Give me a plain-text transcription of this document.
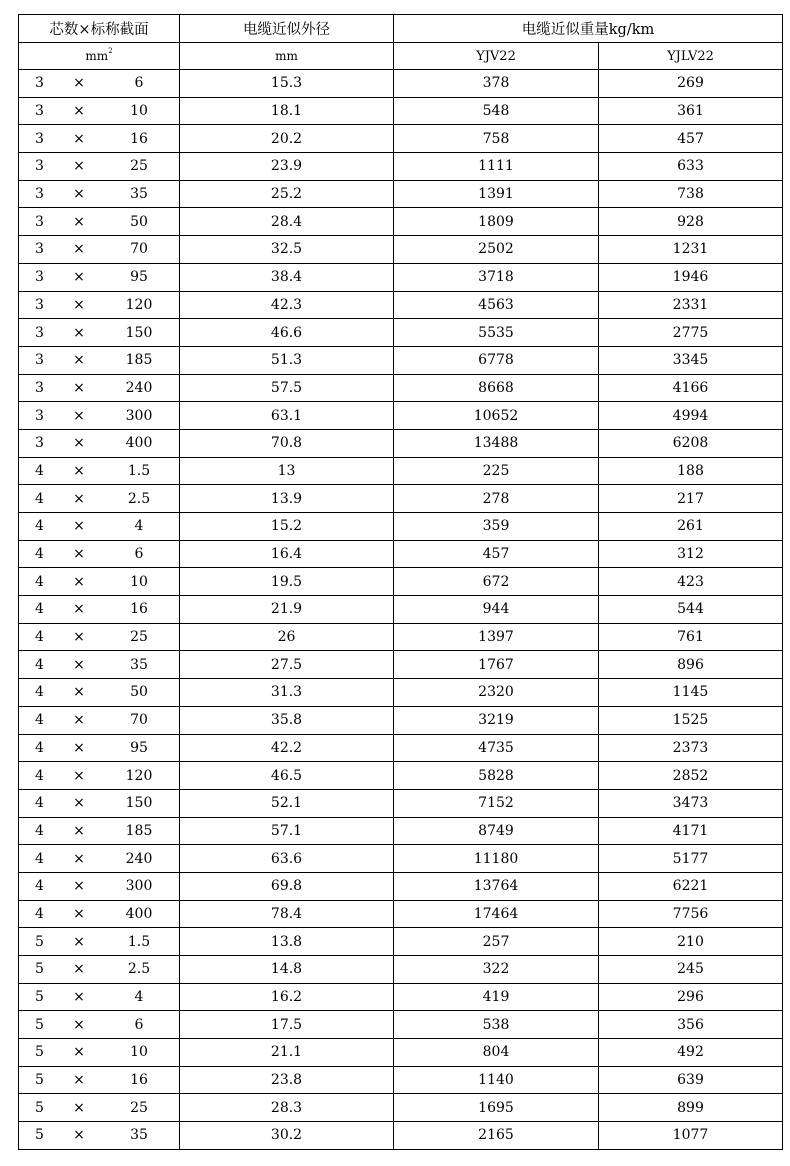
芯数×标称截面	电缆近似外径	电缆近似重量kg/km	
$mm^2$	mm	YJV22	YJLV22

3 × 6	15.3	378	269

3 × 10	18.1	548	361

3 × 16	20.2	758	457

3 × 25	23.9	1111	633

3 × 35	25.2	1391	738

3 × 50	28.4	1809	928

3 × 70	32.5	2502	1231

3 × 95	38.4	3718	1946

3 × 120	42.3	4563	2331

3 × 150	46.6	5535	2775

3 × 185	51.3	6778	3345

3 × 240	57.5	8668	4166

3 × 300	63.1	10652	4994

3 × 400	70.8	13488	6208

4 × 1.5	13	225	188

4 × 2.5	13.9	278	217

4 × 4	15.2	359	261

4 × 6	16.4	457	312

4 × 10	19.5	672	423

4 × 16	21.9	944	544

4 × 25	26	1397	761

4 × 35	27.5	1767	896

4 × 50	31.3	2320	1145

4 × 70	35.8	3219	1525

4 × 95	42.2	4735	2373

4 × 120	46.5	5828	2852

4 × 150	52.1	7152	3473

4 × 185	57.1	8749	4171

4 × 240	63.6	11180	5177

4 × 300	69.8	13764	6221

4 × 400	78.4	17464	7756

5 × 1.5	13.8	257	210

5 × 2.5	14.8	322	245

5 × 4	16.2	419	296

5 × 6	17.5	538	356

5 × 10	21.1	804	492

5 × 16	23.8	1140	639

5 × 25	28.3	1695	899

5 × 35	30.2	2165	1077
